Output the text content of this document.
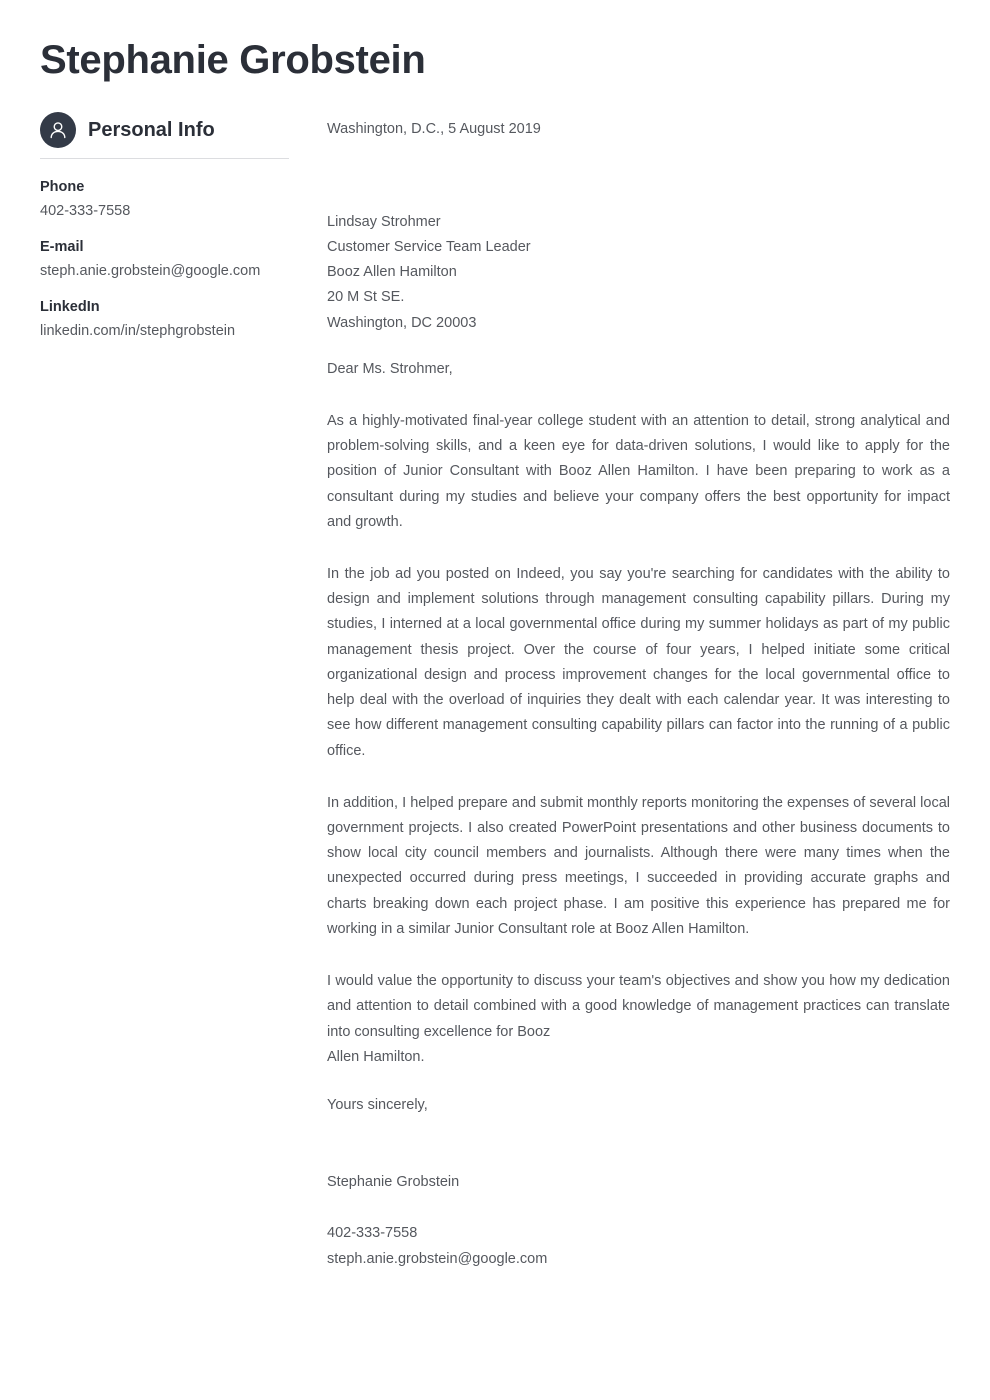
Stephanie Grobstein
Personal Info
Phone
402-333-7558
E-mail
steph.anie.grobstein@google.com
LinkedIn
linkedin.com/in/stephgrobstein
Washington, D.C., 5 August 2019
Lindsay Strohmer
Customer Service Team Leader
Booz Allen Hamilton
20 M St SE.
Washington, DC 20003
Dear Ms. Strohmer,

As a highly-motivated final-year college student with an attention to detail, strong analytical and problem-solving skills, and a keen eye for data-driven solutions, I would like to apply for the position of Junior Consultant with Booz Allen Hamilton. I have been preparing to work as a consultant during my studies and believe your company offers the best opportunity for impact and growth.

In the job ad you posted on Indeed, you say you're searching for candidates with the ability to design and implement solutions through management consulting capability pillars. During my studies, I interned at a local governmental office during my summer holidays as part of my public management thesis project. Over the course of four years, I helped initiate some critical organizational design and process improvement changes for the local governmental office to help deal with the overload of inquiries they dealt with each calendar year. It was interesting to see how different management consulting capability pillars can factor into the running of a public office.

In addition, I helped prepare and submit monthly reports monitoring the expenses of several local government projects. I also created PowerPoint presentations and other business documents to show local city council members and journalists. Although there were many times when the unexpected occurred during press meetings, I succeeded in providing accurate graphs and charts breaking down each project phase. I am positive this experience has prepared me for working in a similar Junior Consultant role at Booz Allen Hamilton.

I would value the opportunity to discuss your team's objectives and show you how my dedication and attention to detail combined with a good knowledge of management practices can translate into consulting excellence for Booz
Allen Hamilton.

Yours sincerely,
Stephanie Grobstein
402-333-7558
steph.anie.grobstein@google.com
